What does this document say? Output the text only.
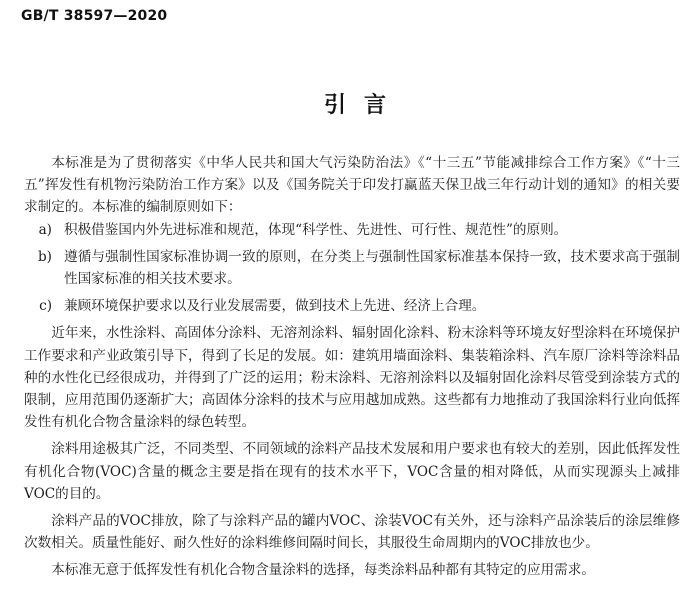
GB/T 38597—2020
引言

本标准是为了贯彻落实《中华人民共和国大气污染防治法》《“十三五”节能减排综合工作方案》《“十三五”挥发性有机物污染防治工作方案》以及《国务院关于印发打赢蓝天保卫战三年行动计划的通知》的相关要求制定的。本标准的编制原则如下：

a) 积极借鉴国内外先进标准和规范，体现“科学性、先进性、可行性、规范性”的原则。
b) 遵循与强制性国家标准协调一致的原则，在分类上与强制性国家标准基本保持一致，技术要求高于强制性国家标准的相关技术要求。
c) 兼顾环境保护要求以及行业发展需要，做到技术上先进、经济上合理。

近年来，水性涂料、高固体分涂料、无溶剂涂料、辐射固化涂料、粉末涂料等环境友好型涂料在环境保护工作要求和产业政策引导下，得到了长足的发展。如：建筑用墙面涂料、集装箱涂料、汽车原厂涂料等涂料品种的水性化已经很成功，并得到了广泛的运用；粉末涂料、无溶剂涂料以及辐射固化涂料尽管受到涂装方式的限制，应用范围仍逐渐扩大；高固体分涂料的技术与应用越加成熟。这些都有力地推动了我国涂料行业向低挥发性有机化合物含量涂料的绿色转型。

涂料用途极其广泛，不同类型、不同领域的涂料产品技术发展和用户要求也有较大的差别，因此低挥发性有机化合物(VOC)含量的概念主要是指在现有的技术水平下，VOC含量的相对降低，从而实现源头上减排VOC的目的。

涂料产品的VOC排放，除了与涂料产品的罐内VOC、涂装VOC有关外，还与涂料产品涂装后的涂层维修次数相关。质量性能好、耐久性好的涂料维修间隔时间长，其服役生命周期内的VOC排放也少。

本标准无意于低挥发性有机化合物含量涂料的选择，每类涂料品种都有其特定的应用需求。
